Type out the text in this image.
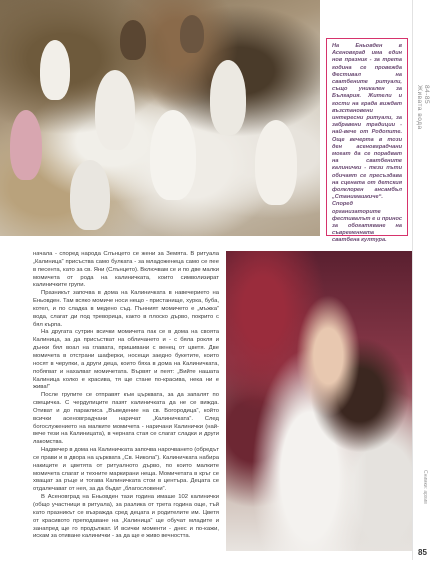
На Еньовден в Асеновград има един нов празник - за трета година се провежда Фестивал на сватбените ритуали, също уникален за България. Жители и гости на града виждат възстановени интересни ритуали, за забравени традиции - най-вече от Родопите. Още вечерта в този ден асеновградчани могат да се порадват на сватбените калинички - тези пъти обичаят се пресъздава на сцената от детския фолклорен ансамбъл „Станимашкиче“. Според организаторите фестивалът е и принос за обогатяване на съвременната сватбена култура.
84-85 Живата вода

начала - според народа Слънцето се жени за Земята. В ритуала „Калиница“ присъства само булката - за младоженеца само се пее в песента, като за св. Яни (Слънцето). Включвам се и по две малки момичета от рода на калиничката, които символизират калиничките групи.

Празникът започва в дома на Калиничката в навечерието на Еньовден. Там всяко момиче носи нещо - пристанище, хурка, буба, котел, и по сладка в медено съд. Пънният момичето е „мъжка“ вода, слагат ди под треворица, както в плоско дърво, покрито с бял кърпа.

На другата сутрин всички момичета пак се в дома на своята Калиница, за да присъстват на обличането и - с бяла рокля и дънки бял воал на главата, пришивани с венец от цветя. Две момичета в отстрани шаферки, носещи заедно букетите, които носят в черупки, а други деца, които бяха в дома на Калиничката, побягват и нахалват момичетата. Вървят и пеят: „Вийте нашата Калиница колко е красива, тя ще стане по-красива, нека ни е живa!“

После групите се отправят към църквата, за да запалят по свещичка. С чердупиците пазят калиничката да не се вижда. Отиват и до параклиса „Въведение на св. Богородица“, който всички асеновградчани наричат „Калиничката“. След богослужението на малките момичета - наричани Калинички (най-вече тези на Калиницата), в черната стая се слагат сладки и други лакомства.

Надвечер в дома на Калиничката започва нарочването (обредът се прави и в двора на църквата „Св. Никола“). Калиничката набира накиците и цветята от ритуалното дърво, по които малките момичета слагат и техните маркирани неща. Момичетата в кръг се хващат за ръце и тогава Калиничката стои в центъра. Децата се отдалечават от нея, за да бъдат „благословени“.

В Асеновград на Еньовден тази година имаше 102 калинички (общо участници в ритуала), за разлика от трета година още, тъй като празникът се възражда сред децата и родителите им. Цветя от красивото преподаване на „Калиница“ ще обучат младите и занапред ще го продължат. И всички моменти - днес и по-кажи, искам за отиване калинички - за да ще е живо вечността.

Снимки: архив
85
